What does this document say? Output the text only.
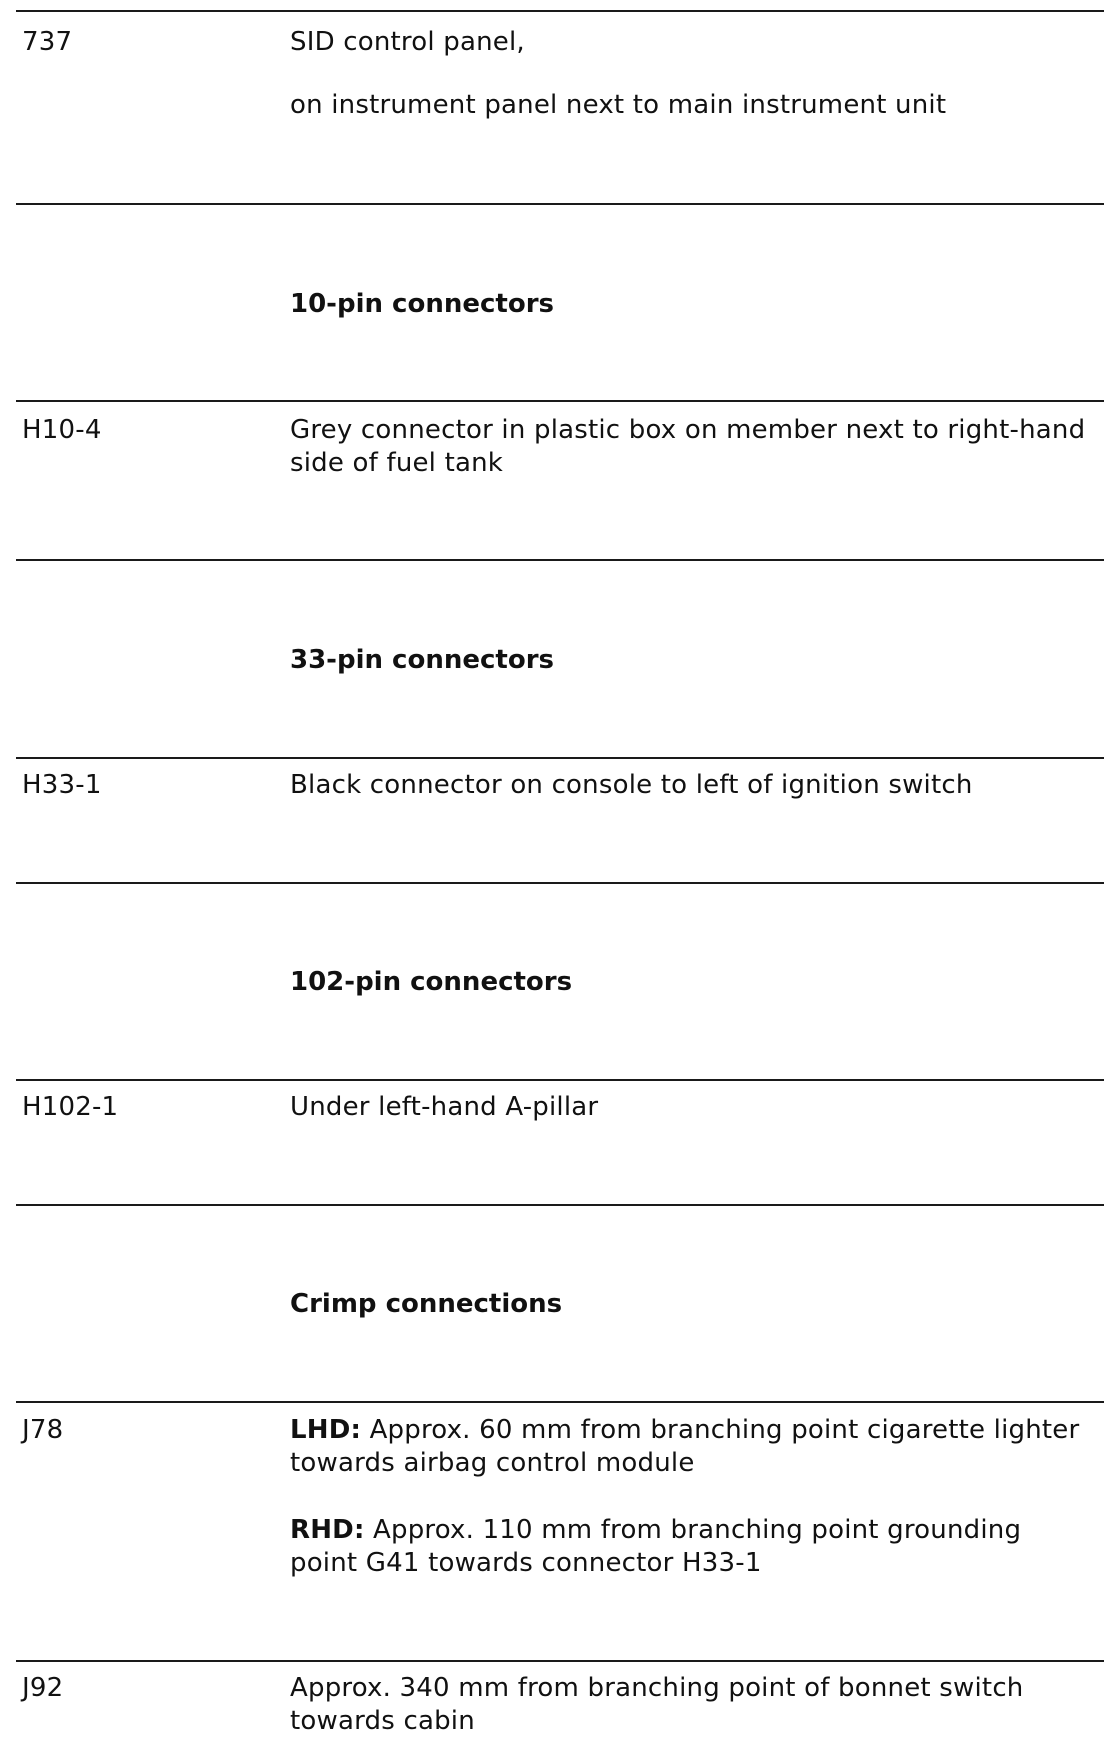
737	SID control panel,

on instrument panel next to main instrument unit

10-pin connectors
H10-4	Grey connector in plastic box on member next to right-hand side of fuel tank
33-pin connectors
H33-1	Black connector on console to left of ignition switch
102-pin connectors
H102-1	Under left-hand A-pillar
Crimp connections
J78	LHD: Approx. 60 mm from branching point cigarette lighter towards airbag control module

RHD: Approx. 110 mm from branching point grounding point G41 towards connector H33-1

J92	Approx. 340 mm from branching point of bonnet switch towards cabin
